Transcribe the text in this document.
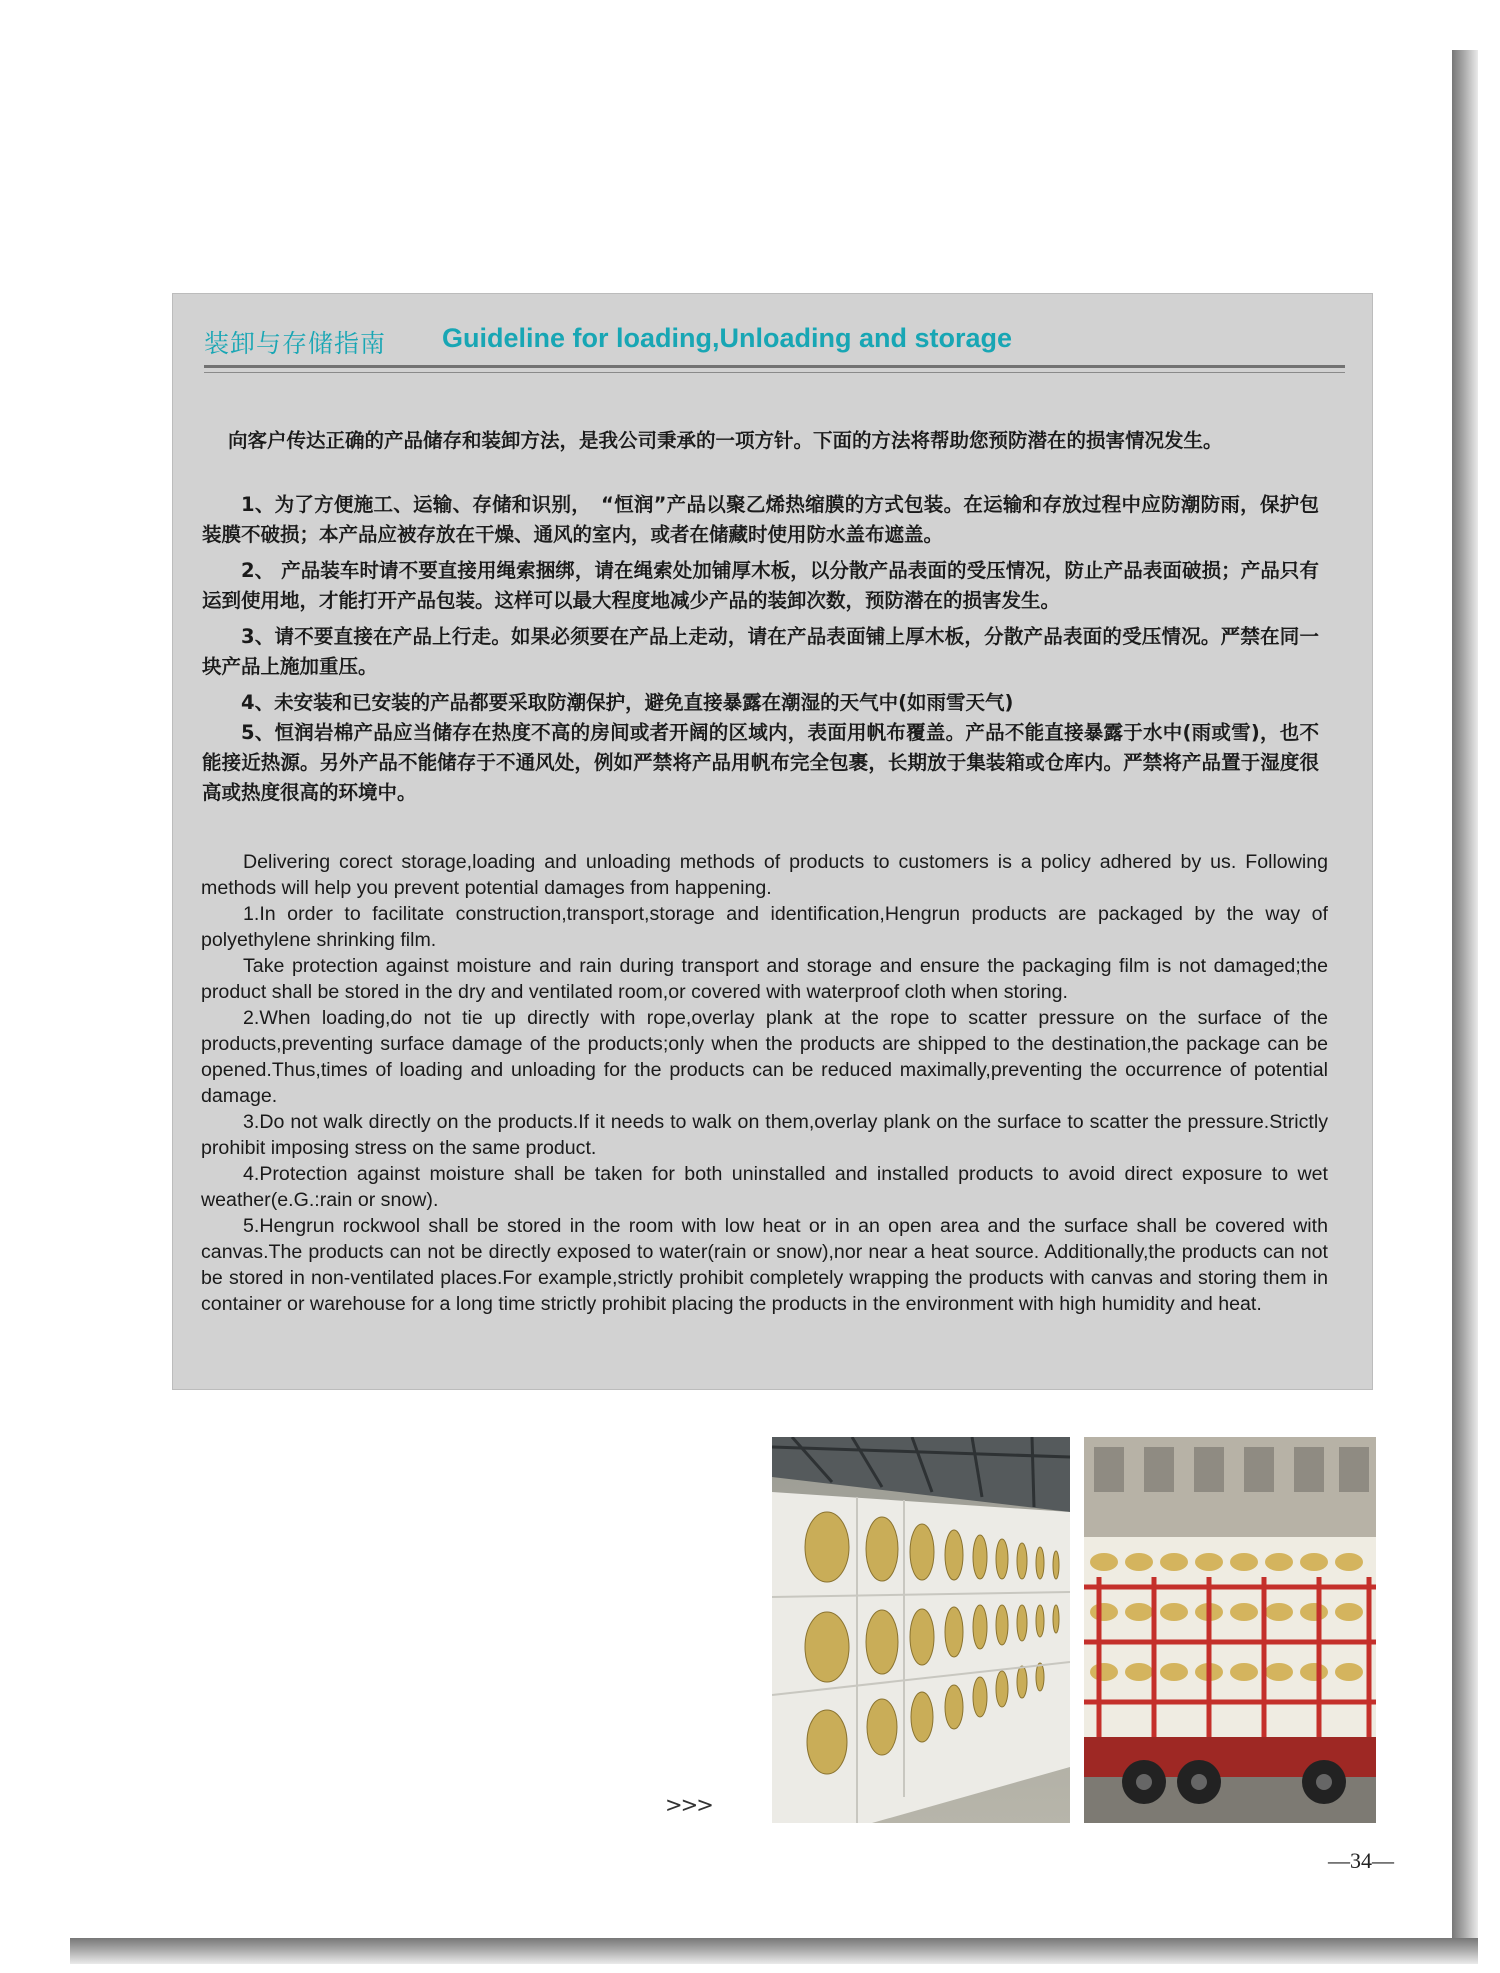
装卸与存储指南 Guideline for loading,Unloading and storage

向客户传达正确的产品储存和装卸方法，是我公司秉承的一项方针。下面的方法将帮助您预防潜在的损害情况发生。

1、为了方便施工、运输、存储和识别，　“恒润”产品以聚乙烯热缩膜的方式包装。在运输和存放过程中应防潮防雨，保护包装膜不破损；本产品应被存放在干燥、通风的室内，或者在储藏时使用防水盖布遮盖。

2、 产品装车时请不要直接用绳索捆绑，请在绳索处加铺厚木板，以分散产品表面的受压情况，防止产品表面破损；产品只有运到使用地，才能打开产品包装。这样可以最大程度地减少产品的装卸次数，预防潜在的损害发生。

3、请不要直接在产品上行走。如果必须要在产品上走动，请在产品表面铺上厚木板，分散产品表面的受压情况。严禁在同一块产品上施加重压。

4、未安装和已安装的产品都要采取防潮保护，避免直接暴露在潮湿的天气中(如雨雪天气)

5、恒润岩棉产品应当储存在热度不高的房间或者开阔的区域内，表面用帆布覆盖。产品不能直接暴露于水中(雨或雪)，也不能接近热源。另外产品不能储存于不通风处，例如严禁将产品用帆布完全包裹，长期放于集装箱或仓库内。严禁将产品置于湿度很高或热度很高的环境中。

Delivering corect storage,loading and unloading methods of products to customers is a policy adhered by us. Following methods will help you prevent potential damages from happening.

1.In order to facilitate construction,transport,storage and identification,Hengrun products are packaged by the way of polyethylene shrinking film.

Take protection against moisture and rain during transport and storage and ensure the packaging film is not damaged;the product shall be stored in the dry and ventilated room,or covered with waterproof cloth when storing.

2.When loading,do not tie up directly with rope,overlay plank at the rope to scatter pressure on the surface of the products,preventing surface damage of the products;only when the products are shipped to the destination,the package can be opened.Thus,times of loading and unloading for the products can be reduced maximally,preventing the occurrence of potential damage.

3.Do not walk directly on the products.If it needs to walk on them,overlay plank on the surface to scatter the pressure.Strictly prohibit imposing stress on the same product.

4.Protection against moisture shall be taken for both uninstalled and installed products to avoid direct exposure to wet weather(e.G.:rain or snow).

5.Hengrun rockwool shall be stored in the room with low heat or in an open area and the surface shall be covered with canvas.The products can not be directly exposed to water(rain or snow),nor near a heat source. Additionally,the products can not be stored in non-ventilated places.For example,strictly prohibit completely wrapping the products with canvas and storing them in container or warehouse for a long time strictly prohibit placing the products in the environment with high humidity and heat.

>>>
—34—
